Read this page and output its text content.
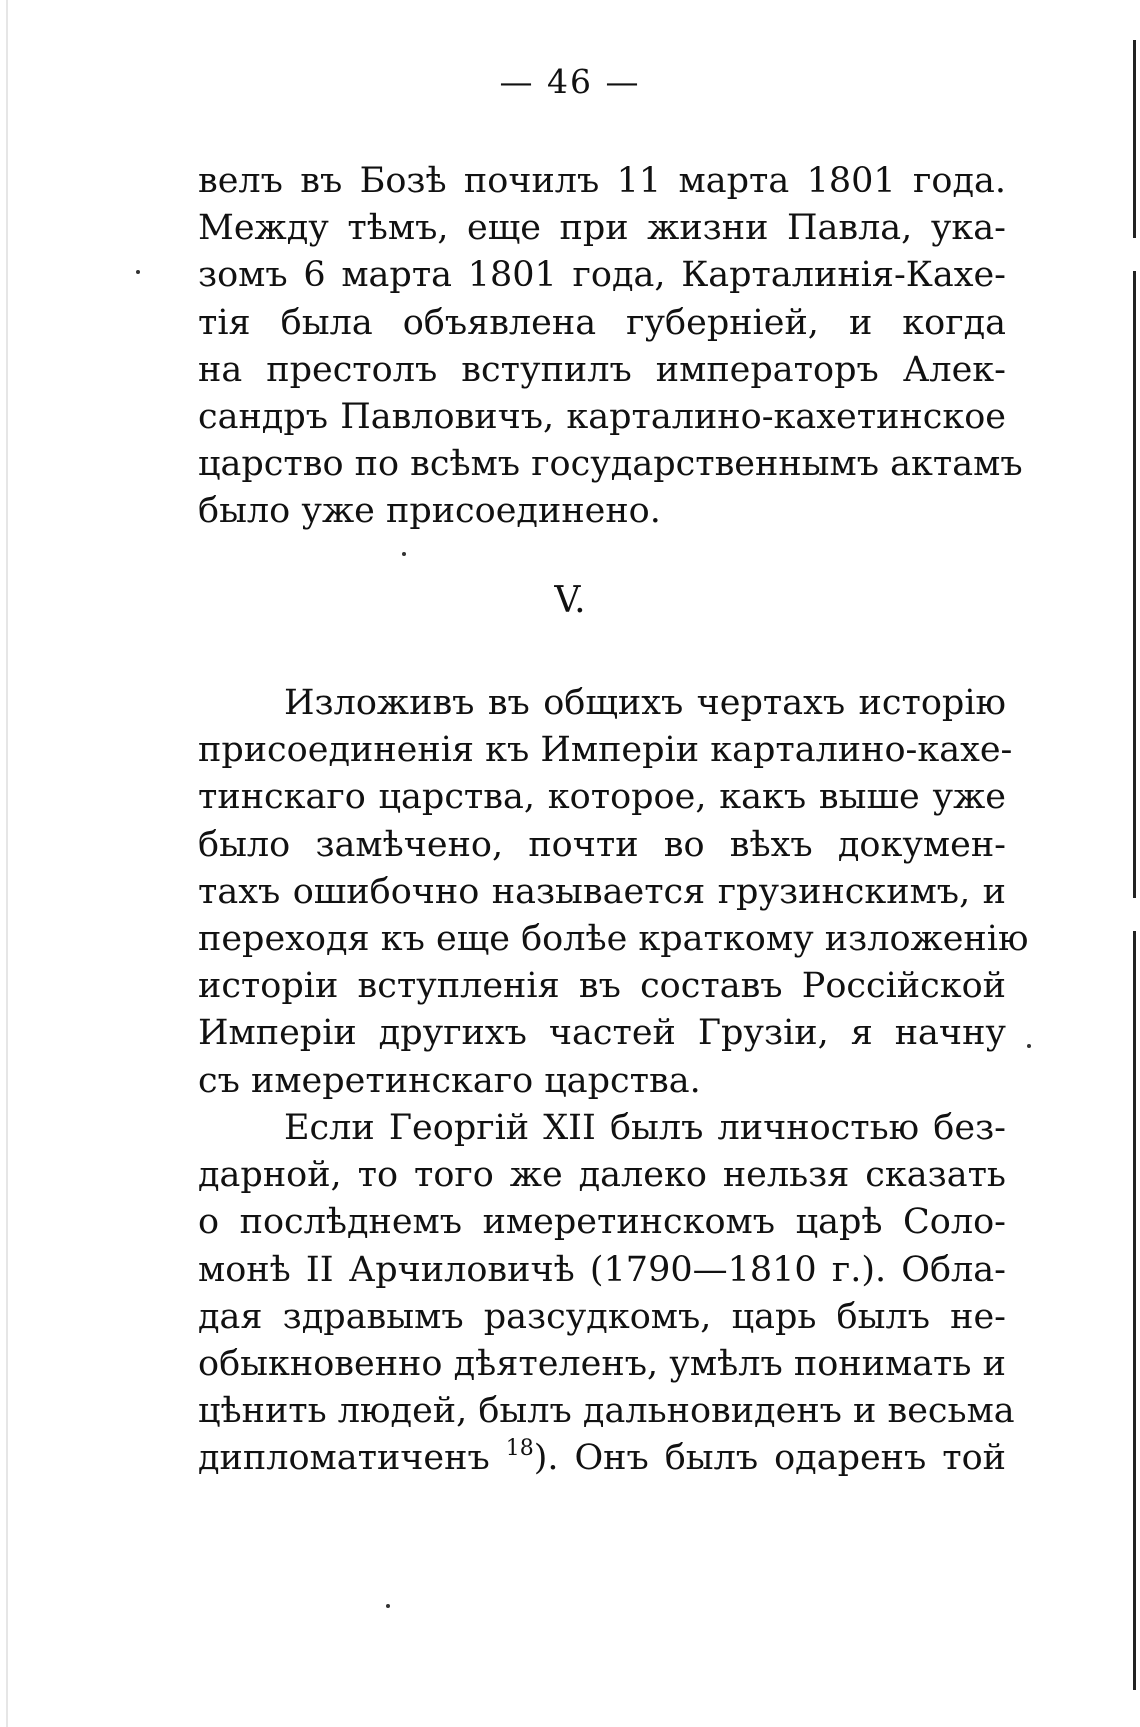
— 46 —
велъ въ Бозѣ почилъ 11 марта 1801 года.
Между тѣмъ, еще при жизни Павла, ука-
зомъ 6 марта 1801 года, Карталинія-Кахе-
тія была объявлена губерніей, и когда
на престолъ вступилъ императоръ Алек-
сандръ Павловичъ, карталино-кахетинское
царство по всѣмъ государственнымъ актамъ
было уже присоединено.
V.
Изложивъ въ общихъ чертахъ исторію
присоединенія къ Имперіи карталино-кахе-
тинскаго царства, которое, какъ выше уже
было замѣчено, почти во вѣхъ докумен-
тахъ ошибочно называется грузинскимъ, и
переходя къ еще болѣе краткому изложенію
исторіи вступленія въ составъ Россійской
Имперіи другихъ частей Грузіи, я начну
съ имеретинскаго царства.
Если Георгій XII былъ личностью без-
дарной, то того же далеко нельзя сказать
о послѣднемъ имеретинскомъ царѣ Соло-
монѣ II Арчиловичѣ (1790—1810 г.). Обла-
дая здравымъ разсудкомъ, царь былъ не-
обыкновенно дѣятеленъ, умѣлъ понимать и
цѣнить людей, былъ дальновиденъ и весьма
дипломатиченъ $^{18}$). Онъ былъ одаренъ той
